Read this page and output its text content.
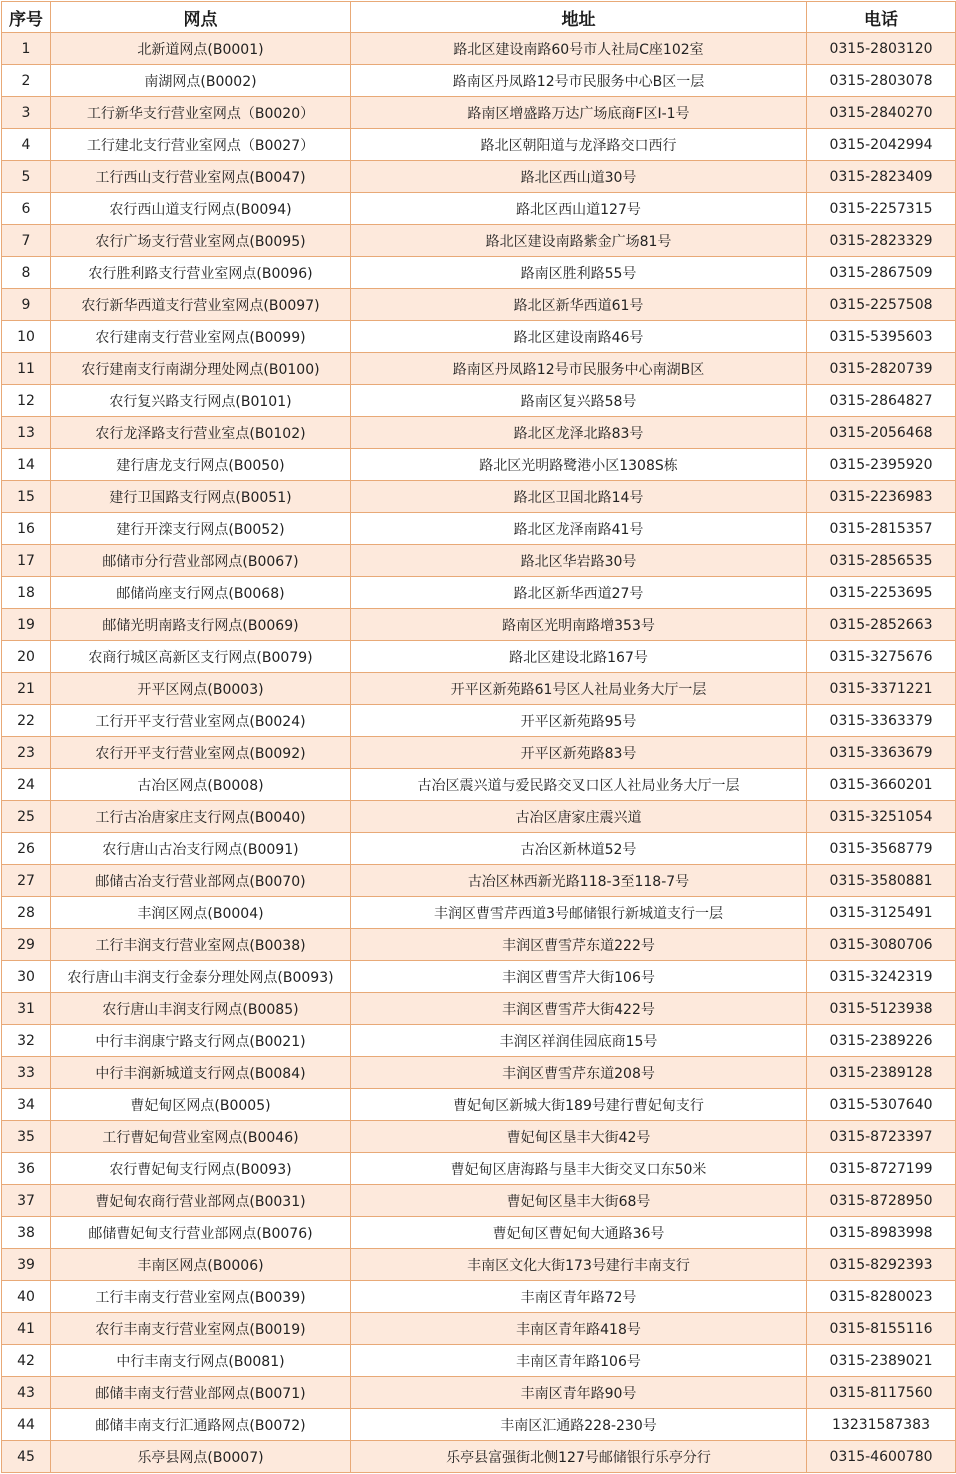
序号	网点	地址	电话
1	北新道网点(B0001)	路北区建设南路60号市人社局C座102室	0315-2803120
2	南湖网点(B0002)	路南区丹凤路12号市民服务中心B区一层	0315-2803078
3	工行新华支行营业室网点（B0020）	路南区增盛路万达广场底商F区I-1号	0315-2840270
4	工行建北支行营业室网点（B0027）	路北区朝阳道与龙泽路交口西行	0315-2042994
5	工行西山支行营业室网点(B0047)	路北区西山道30号	0315-2823409
6	农行西山道支行网点(B0094)	路北区西山道127号	0315-2257315
7	农行广场支行营业室网点(B0095)	路北区建设南路紫金广场81号	0315-2823329
8	农行胜利路支行营业室网点(B0096)	路南区胜利路55号	0315-2867509
9	农行新华西道支行营业室网点(B0097)	路北区新华西道61号	0315-2257508
10	农行建南支行营业室网点(B0099)	路北区建设南路46号	0315-5395603
11	农行建南支行南湖分理处网点(B0100)	路南区丹凤路12号市民服务中心南湖B区	0315-2820739
12	农行复兴路支行网点(B0101)	路南区复兴路58号	0315-2864827
13	农行龙泽路支行营业室点(B0102)	路北区龙泽北路83号	0315-2056468
14	建行唐龙支行网点(B0050)	路北区光明路鹭港小区1308S栋	0315-2395920
15	建行卫国路支行网点(B0051)	路北区卫国北路14号	0315-2236983
16	建行开滦支行网点(B0052)	路北区龙泽南路41号	0315-2815357
17	邮储市分行营业部网点(B0067)	路北区华岩路30号	0315-2856535
18	邮储尚座支行网点(B0068)	路北区新华西道27号	0315-2253695
19	邮储光明南路支行网点(B0069)	路南区光明南路增353号	0315-2852663
20	农商行城区高新区支行网点(B0079)	路北区建设北路167号	0315-3275676
21	开平区网点(B0003)	开平区新苑路61号区人社局业务大厅一层	0315-3371221
22	工行开平支行营业室网点(B0024)	开平区新苑路95号	0315-3363379
23	农行开平支行营业室网点(B0092)	开平区新苑路83号	0315-3363679
24	古冶区网点(B0008)	古冶区震兴道与爱民路交叉口区人社局业务大厅一层	0315-3660201
25	工行古冶唐家庄支行网点(B0040)	古冶区唐家庄震兴道	0315-3251054
26	农行唐山古冶支行网点(B0091)	古冶区新林道52号	0315-3568779
27	邮储古冶支行营业部网点(B0070)	古冶区林西新光路118-3至118-7号	0315-3580881
28	丰润区网点(B0004)	丰润区曹雪芹西道3号邮储银行新城道支行一层	0315-3125491
29	工行丰润支行营业室网点(B0038)	丰润区曹雪芹东道222号	0315-3080706
30	农行唐山丰润支行金泰分理处网点(B0093)	丰润区曹雪芹大街106号	0315-3242319
31	农行唐山丰润支行网点(B0085)	丰润区曹雪芹大街422号	0315-5123938
32	中行丰润康宁路支行网点(B0021)	丰润区祥润佳园底商15号	0315-2389226
33	中行丰润新城道支行网点(B0084)	丰润区曹雪芹东道208号	0315-2389128
34	曹妃甸区网点(B0005)	曹妃甸区新城大街189号建行曹妃甸支行	0315-5307640
35	工行曹妃甸营业室网点(B0046)	曹妃甸区垦丰大街42号	0315-8723397
36	农行曹妃甸支行网点(B0093)	曹妃甸区唐海路与垦丰大街交叉口东50米	0315-8727199
37	曹妃甸农商行营业部网点(B0031)	曹妃甸区垦丰大街68号	0315-8728950
38	邮储曹妃甸支行营业部网点(B0076)	曹妃甸区曹妃甸大通路36号	0315-8983998
39	丰南区网点(B0006)	丰南区文化大街173号建行丰南支行	0315-8292393
40	工行丰南支行营业室网点(B0039)	丰南区青年路72号	0315-8280023
41	农行丰南支行营业室网点(B0019)	丰南区青年路418号	0315-8155116
42	中行丰南支行网点(B0081)	丰南区青年路106号	0315-2389021
43	邮储丰南支行营业部网点(B0071)	丰南区青年路90号	0315-8117560
44	邮储丰南支行汇通路网点(B0072)	丰南区汇通路228-230号	13231587383
45	乐亭县网点(B0007)	乐亭县富强街北侧127号邮储银行乐亭分行	0315-4600780
